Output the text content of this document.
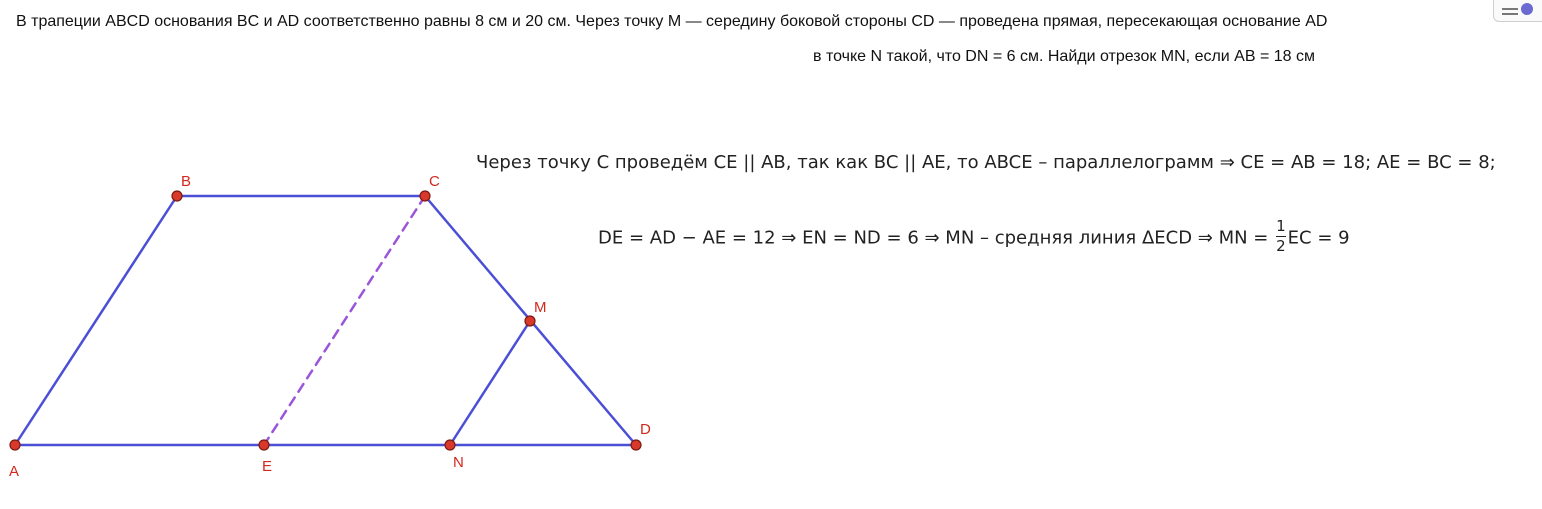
В трапеции ABCD основания BC и AD соответственно равны 8 см и 20 см. Через точку M — середину боковой стороны CD — проведена прямая, пересекающая основание AD
в точке N такой, что DN = 6 см. Найди отрезок MN, если AB = 18 см
A
B	C
D
E
M
N
Через точку C проведём CE || AB, так как BC || AE, то ABCE – параллелограмм ⇒ CE = AB = 18; AE = BC = 8;
DE = AD − AE = 12 ⇒ EN = ND = 6 ⇒ MN – средняя линия ΔECD ⇒ MN = $\frac{1}{2}$ EC = 9
